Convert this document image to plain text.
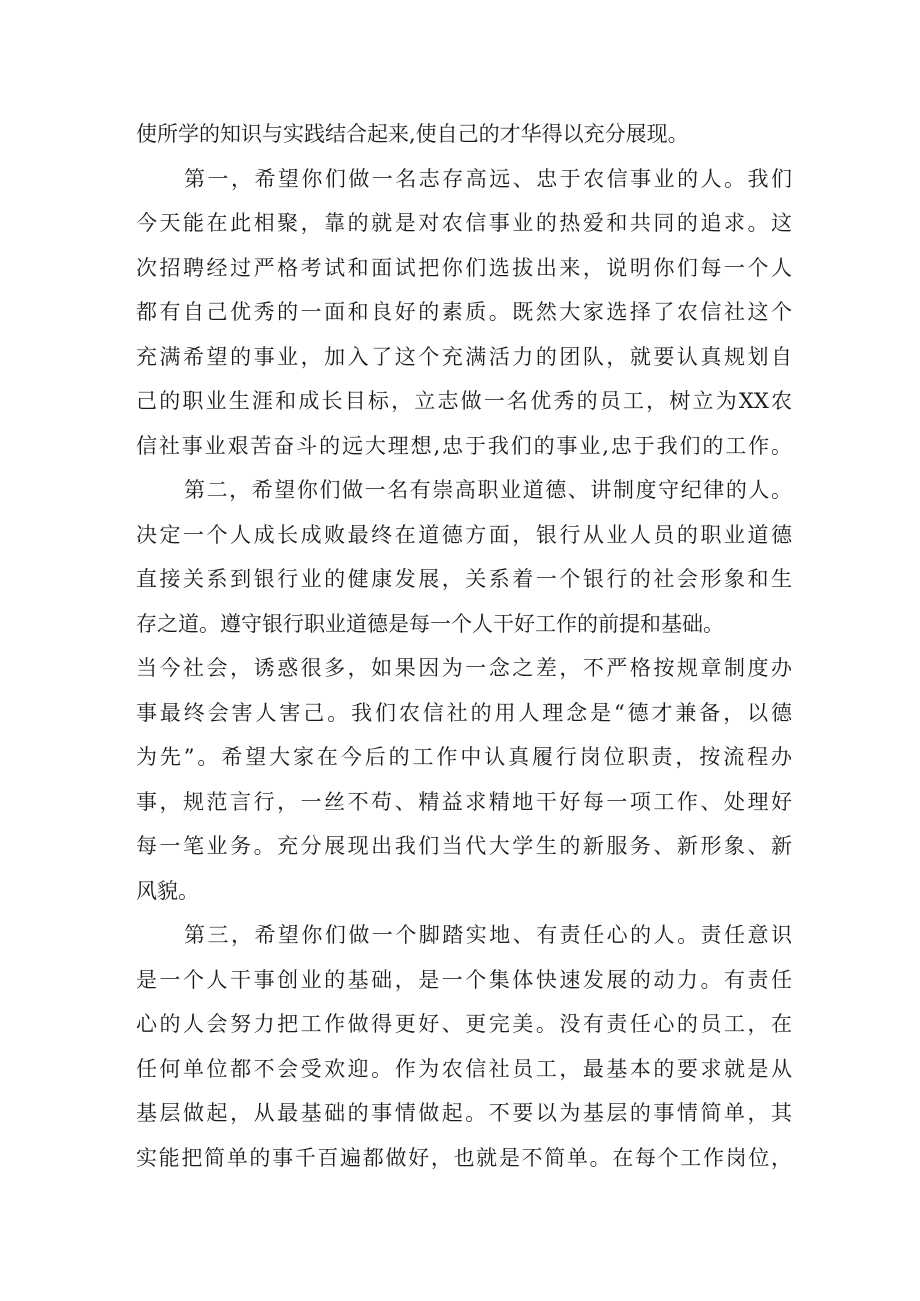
使所学的知识与实践结合起来,使自己的才华得以充分展现。
第一，希望你们做一名志存高远、忠于农信事业的人。我们
今天能在此相聚，靠的就是对农信事业的热爱和共同的追求。这
次招聘经过严格考试和面试把你们选拔出来，说明你们每一个人
都有自己优秀的一面和良好的素质。既然大家选择了农信社这个
充满希望的事业，加入了这个充满活力的团队，就要认真规划自
己的职业生涯和成长目标，立志做一名优秀的员工，树立为XX农
信社事业艰苦奋斗的远大理想,忠于我们的事业,忠于我们的工作。
第二，希望你们做一名有崇高职业道德、讲制度守纪律的人。
决定一个人成长成败最终在道德方面，银行从业人员的职业道德
直接关系到银行业的健康发展，关系着一个银行的社会形象和生
存之道。遵守银行职业道德是每一个人干好工作的前提和基础。
当今社会，诱惑很多，如果因为一念之差，不严格按规章制度办
事最终会害人害己。我们农信社的用人理念是“德才兼备，以德
为先”。希望大家在今后的工作中认真履行岗位职责，按流程办
事，规范言行，一丝不苟、精益求精地干好每一项工作、处理好
每一笔业务。充分展现出我们当代大学生的新服务、新形象、新
风貌。
第三，希望你们做一个脚踏实地、有责任心的人。责任意识
是一个人干事创业的基础，是一个集体快速发展的动力。有责任
心的人会努力把工作做得更好、更完美。没有责任心的员工，在
任何单位都不会受欢迎。作为农信社员工，最基本的要求就是从
基层做起，从最基础的事情做起。不要以为基层的事情简单，其
实能把简单的事千百遍都做好，也就是不简单。在每个工作岗位，
